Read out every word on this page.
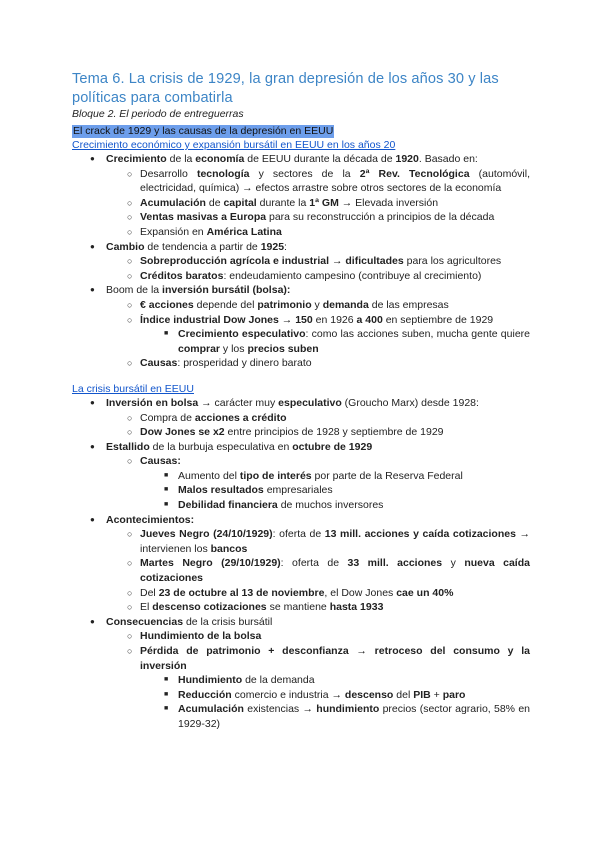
Tema 6. La crisis de 1929, la gran depresión de los años 30 y las políticas para combatirla

Bloque 2. El periodo de entreguerras

El crack de 1929 y las causas de la depresión en EEUU
Crecimiento económico y expansión bursátil en EEUU en los años 20
● Crecimiento de la economía de EEUU durante la década de 1920. Basado en:
○ Desarrollo tecnología y sectores de la 2ª Rev. Tecnológica (automóvil, electricidad, química) → efectos arrastre sobre otros sectores de la economía
○ Acumulación de capital durante la 1ª GM → Elevada inversión
○ Ventas masivas a Europa para su reconstrucción a principios de la década
○ Expansión en América Latina
● Cambio de tendencia a partir de 1925:
○ Sobreproducción agrícola e industrial → dificultades para los agricultores
○ Créditos baratos: endeudamiento campesino (contribuye al crecimiento)
● Boom de la inversión bursátil (bolsa):
○ € acciones depende del patrimonio y demanda de las empresas
○ Índice industrial Dow Jones → 150 en 1926 a 400 en septiembre de 1929
■ Crecimiento especulativo: como las acciones suben, mucha gente quiere comprar y los precios suben
○ Causas: prosperidad y dinero barato
La crisis bursátil en EEUU
● Inversión en bolsa → carácter muy especulativo (Groucho Marx) desde 1928:
○ Compra de acciones a crédito
○ Dow Jones se x2 entre principios de 1928 y septiembre de 1929
● Estallido de la burbuja especulativa en octubre de 1929
○ Causas:
■ Aumento del tipo de interés por parte de la Reserva Federal
■ Malos resultados empresariales
■ Debilidad financiera de muchos inversores
● Acontecimientos:
○ Jueves Negro (24/10/1929): oferta de 13 mill. acciones y caída cotizaciones → intervienen los bancos
○ Martes Negro (29/10/1929): oferta de 33 mill. acciones y nueva caída cotizaciones
○ Del 23 de octubre al 13 de noviembre, el Dow Jones cae un 40%
○ El descenso cotizaciones se mantiene hasta 1933
● Consecuencias de la crisis bursátil
○ Hundimiento de la bolsa
○ Pérdida de patrimonio + desconfianza → retroceso del consumo y la inversión
■ Hundimiento de la demanda
■ Reducción comercio e industria → descenso del PIB + paro
■ Acumulación existencias → hundimiento precios (sector agrario, 58% en 1929-32)
